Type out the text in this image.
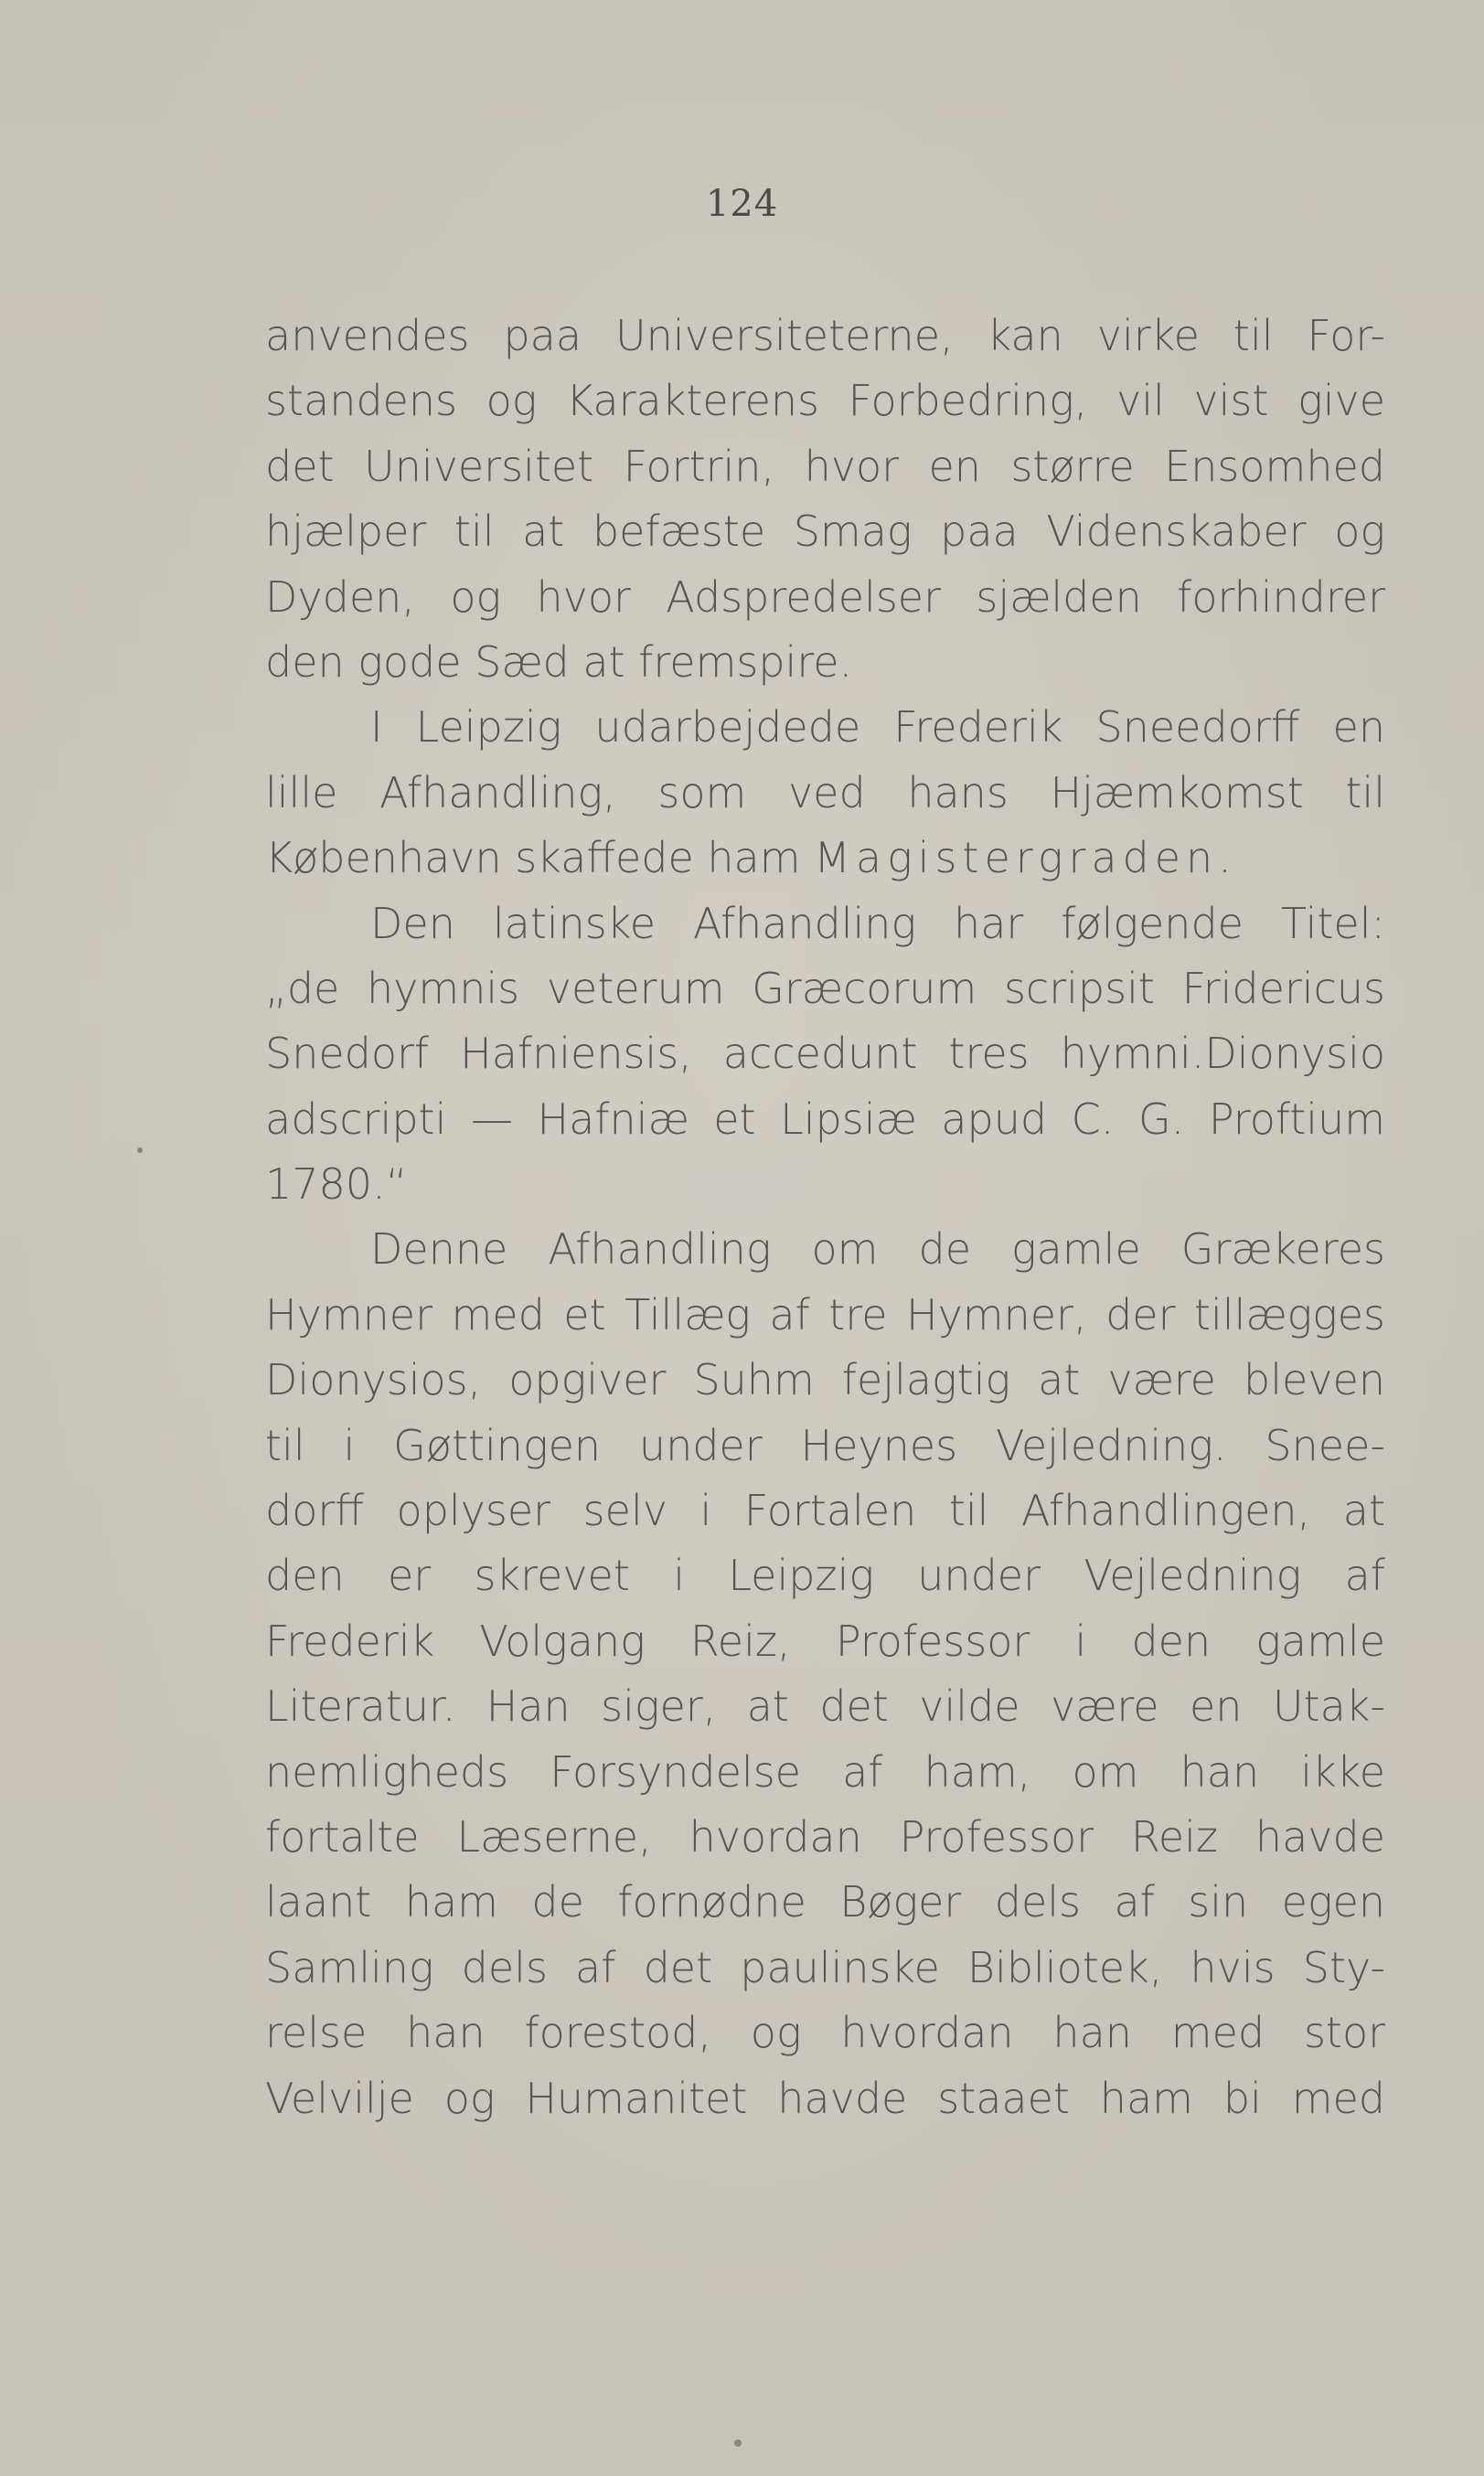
124
anvendes paa Universiteterne, kan virke til For-
standens og Karakterens Forbedring, vil vist give
det Universitet Fortrin, hvor en større Ensomhed
hjælper til at befæste Smag paa Videnskaber og
Dyden, og hvor Adspredelser sjælden forhindrer
den gode Sæd at fremspire.
I Leipzig udarbejdede Frederik Sneedorff en
lille Afhandling, som ved hans Hjæmkomst til
København skaffede ham Magistergraden.
Den latinske Afhandling har følgende Titel:
„de hymnis veterum Græcorum scripsit Fridericus
Snedorf Hafniensis, accedunt tres hymni.Dionysio
adscripti — Hafniæ et Lipsiæ apud C. G. Proftium
1780.“
Denne Afhandling om de gamle Grækeres
Hymner med et Tillæg af tre Hymner, der tillægges
Dionysios, opgiver Suhm fejlagtig at være bleven
til i Gøttingen under Heynes Vejledning. Snee-
dorff oplyser selv i Fortalen til Afhandlingen, at
den er skrevet i Leipzig under Vejledning af
Frederik Volgang Reiz, Professor i den gamle
Literatur. Han siger, at det vilde være en Utak-
nemligheds Forsyndelse af ham, om han ikke
fortalte Læserne, hvordan Professor Reiz havde
laant ham de fornødne Bøger dels af sin egen
Samling dels af det paulinske Bibliotek, hvis Sty-
relse han forestod, og hvordan han med stor
Velvilje og Humanitet havde staaet ham bi med
